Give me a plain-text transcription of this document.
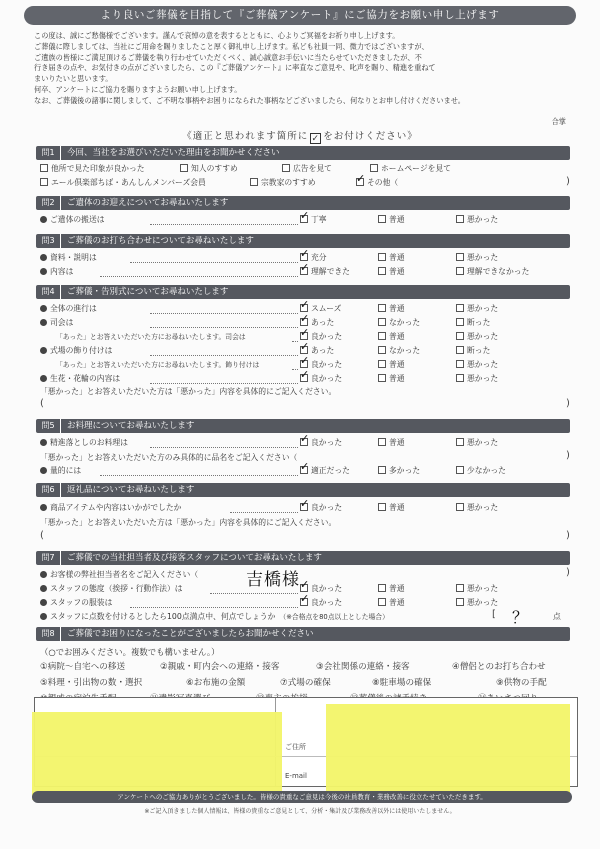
より良いご葬儀を目指して『ご葬儀アンケート』にご協力をお願い申し上げます
この度は、誠にご愁傷様でございます。謹んで哀悼の意を表するとともに、心よりご冥福をお祈り申し上げます。
ご葬儀に際しましては、当社にご用命を賜りましたこと厚く御礼申し上げます。私ども社員一同、微力ではございますが、
ご遺族の皆様にご満足頂けるご葬儀を執り行わせていただくべく、誠心誠意お手伝いに当たらせていただきましたが、不
行き届きの点や、お気付きの点がございましたら、この『ご葬儀アンケート』に率直なご意見や、叱声を賜り、精進を重ねて
まいりたいと思います。
何卒、アンケートにご協力を賜りますようお願い申し上げます。
なお、ご葬儀後の諸事に関しまして、ご不明な事柄やお困りになられた事柄などございましたら、何なりとお申し付けくださいませ。
合掌
《適正と思われます箇所に ✓ をお付けください》
問1 今回、当社をお選びいただいた理由をお聞かせください
他所で見た印象が良かった	知人のすすめ	広告を見て	ホームページを見て
エール倶楽部ちば・あんしんメンバーズ会員	宗教家のすすめ ✓	その他（	)
問2 ご遺体のお迎えについてお尋ねいたします
ご遺体の搬送は ✓	丁寧	普通	悪かった
問3 ご葬儀のお打ち合わせについてお尋ねいたします
資料・説明は ✓	充分	普通	悪かった
内容は ✓	理解できた	普通	理解できなかった
問4 ご葬儀・告別式についてお尋ねいたします
全体の進行は ✓	スムーズ	普通	悪かった
司会は ✓	あった	なかった	断った
「あった」とお答えいただいた方にお尋ねいたします。司会は ✓	良かった	普通	悪かった
式場の飾り付けは ✓	あった	なかった	断った
「あった」とお答えいただいた方にお尋ねいたします。飾り付けは ✓	良かった	普通	悪かった
生花・花輪の内容は ✓	良かった	普通	悪かった
「悪かった」とお答えいただいた方は「悪かった」内容を具体的にご記入ください。
(	)
問5 お料理についてお尋ねいたします
精進落としのお料理は ✓	良かった	普通	悪かった
「悪かった」とお答えいただいた方のみ具体的に品名をご記入ください（	)
量的には ✓	適正だった	多かった	少なかった
問6 返礼品についてお尋ねいたします
商品アイテムや内容はいかがでしたか ✓	良かった	普通	悪かった
「悪かった」とお答えいただいた方は「悪かった」内容を具体的にご記入ください。
(	)
問7 ご葬儀での当社担当者及び接客スタッフについてお尋ねいたします
お客様の弊社担当者名をご記入ください（	吉橋様	)
スタッフの態度（挨拶・行動作法）は ✓	良かった	普通	悪かった
スタッフの服装は ✓	良かった	普通	悪かった
スタッフに点数を付けるとしたら100点満点中、何点でしょうか （※合格点を80点以上とした場合）	[ ？	点
問8 ご葬儀でお困りになったことがございましたらお聞かせください
（○でお囲みください。複数でも構いません。）
①病院～自宅への移送	②親戚・町内会への連絡・接客	③会社関係の連絡・接客	④僧侶とのお打ち合わせ
⑤料理・引出物の数・選択	⑥お布施の金額	⑦式場の確保	⑧駐車場の確保	⑨供物の手配
ご住所
E-mail
アンケートへのご協力ありがとうございました。皆様の貴重なご意見は今後の社員教育・業務改善に役立たせていただきます。
※ご記入頂きました個人情報は、皆様の貴重なご意見として、分析・集計及び業務改善以外には使用いたしません。
